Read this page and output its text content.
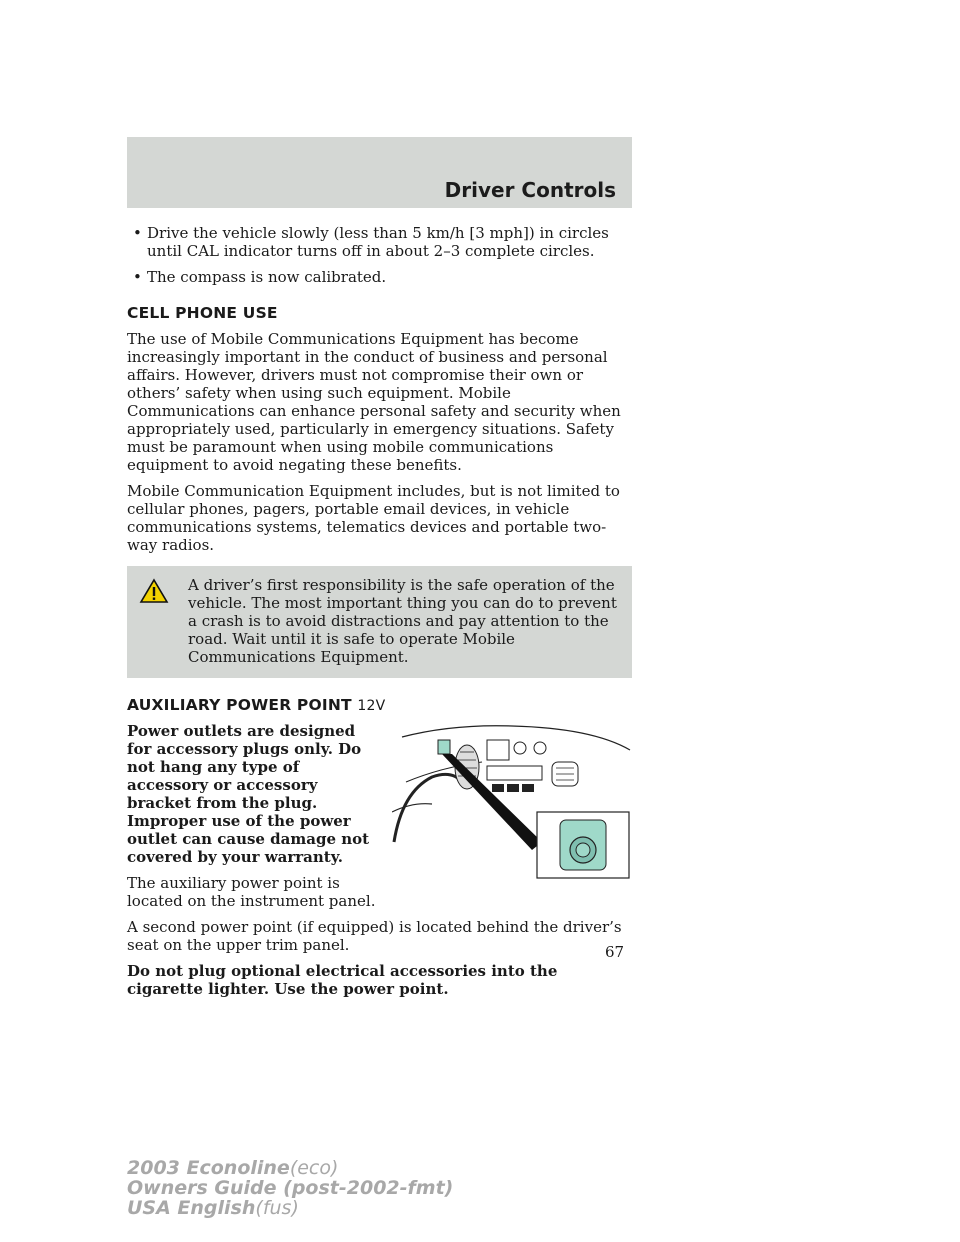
Driver Controls
• Drive the vehicle slowly (less than 5 km/h [3 mph]) in circles until CAL indicator turns off in about 2–3 complete circles.
• The compass is now calibrated.
CELL PHONE USE

The use of Mobile Communications Equipment has become increasingly important in the conduct of business and personal affairs. However, drivers must not compromise their own or others’ safety when using such equipment. Mobile Communications can enhance personal safety and security when appropriately used, particularly in emergency situations. Safety must be paramount when using mobile communications equipment to avoid negating these benefits.

Mobile Communication Equipment includes, but is not limited to cellular phones, pagers, portable email devices, in vehicle communications systems, telematics devices and portable two-way radios.

A driver’s first responsibility is the safe operation of the vehicle. The most important thing you can do to prevent a crash is to avoid distractions and pay attention to the road. Wait until it is safe to operate Mobile Communications Equipment.

AUXILIARY POWER POINT 12V

Power outlets are designed for accessory plugs only. Do not hang any type of accessory or accessory bracket from the plug. Improper use of the power outlet can cause damage not covered by your warranty.

The auxiliary power point is located on the instrument panel.

A second power point (if equipped) is located behind the driver’s seat on the upper trim panel.

Do not plug optional electrical accessories into the cigarette lighter. Use the power point.

67
2003 Econoline(eco)
Owners Guide (post-2002-fmt)
USA English(fus)
